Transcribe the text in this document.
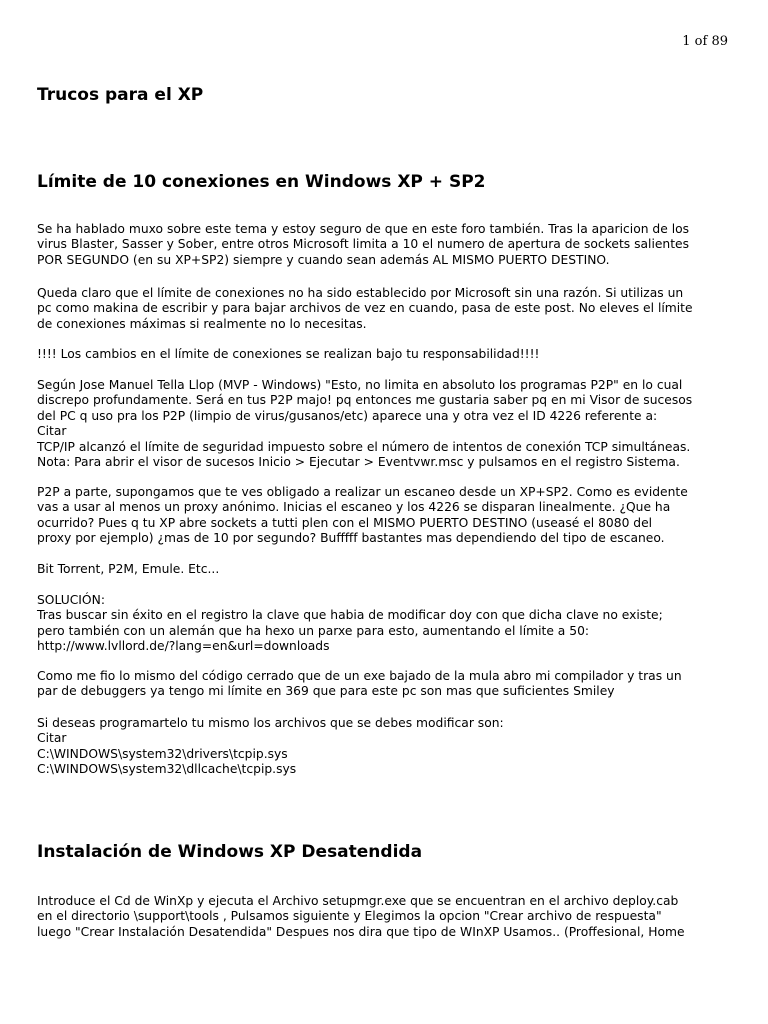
1 of 89
Trucos para el XP
Límite de 10 conexiones en Windows XP + SP2

Se ha hablado muxo sobre este tema y estoy seguro de que en este foro también. Tras la aparicion de los
virus Blaster, Sasser y Sober, entre otros Microsoft limita a 10 el numero de apertura de sockets salientes
POR SEGUNDO (en su XP+SP2) siempre y cuando sean además AL MISMO PUERTO DESTINO.

Queda claro que el límite de conexiones no ha sido establecido por Microsoft sin una razón. Si utilizas un
pc como makina de escribir y para bajar archivos de vez en cuando, pasa de este post. No eleves el límite
de conexiones máximas si realmente no lo necesitas.

!!!! Los cambios en el límite de conexiones se realizan bajo tu responsabilidad!!!!

Según Jose Manuel Tella Llop (MVP - Windows) "Esto, no limita en absoluto los programas P2P" en lo cual
discrepo profundamente. Será en tus P2P majo! pq entonces me gustaria saber pq en mi Visor de sucesos
del PC q uso pra los P2P (limpio de virus/gusanos/etc) aparece una y otra vez el ID 4226 referente a:
Citar
TCP/IP alcanzó el límite de seguridad impuesto sobre el número de intentos de conexión TCP simultáneas.
Nota: Para abrir el visor de sucesos Inicio > Ejecutar > Eventvwr.msc y pulsamos en el registro Sistema.

P2P a parte, supongamos que te ves obligado a realizar un escaneo desde un XP+SP2. Como es evidente
vas a usar al menos un proxy anónimo. Inicias el escaneo y los 4226 se disparan linealmente. ¿Que ha
ocurrido? Pues q tu XP abre sockets a tutti plen con el MISMO PUERTO DESTINO (useasé el 8080 del
proxy por ejemplo) ¿mas de 10 por segundo? Bufffff bastantes mas dependiendo del tipo de escaneo.

Bit Torrent, P2M, Emule. Etc...

SOLUCIÓN:
Tras buscar sin éxito en el registro la clave que habia de modificar doy con que dicha clave no existe;
pero también con un alemán que ha hexo un parxe para esto, aumentando el límite a 50:
http://www.lvllord.de/?lang=en&url=downloads

Como me fio lo mismo del código cerrado que de un exe bajado de la mula abro mi compilador y tras un
par de debuggers ya tengo mi límite en 369 que para este pc son mas que suficientes Smiley

Si deseas programartelo tu mismo los archivos que se debes modificar son:
Citar
C:\WINDOWS\system32\drivers\tcpip.sys
C:\WINDOWS\system32\dllcache\tcpip.sys

Instalación de Windows XP Desatendida

Introduce el Cd de WinXp y ejecuta el Archivo setupmgr.exe que se encuentran en el archivo deploy.cab
en el directorio \support\tools , Pulsamos siguiente y Elegimos la opcion "Crear archivo de respuesta"
luego "Crear Instalación Desatendida" Despues nos dira que tipo de WInXP Usamos.. (Proffesional, Home
